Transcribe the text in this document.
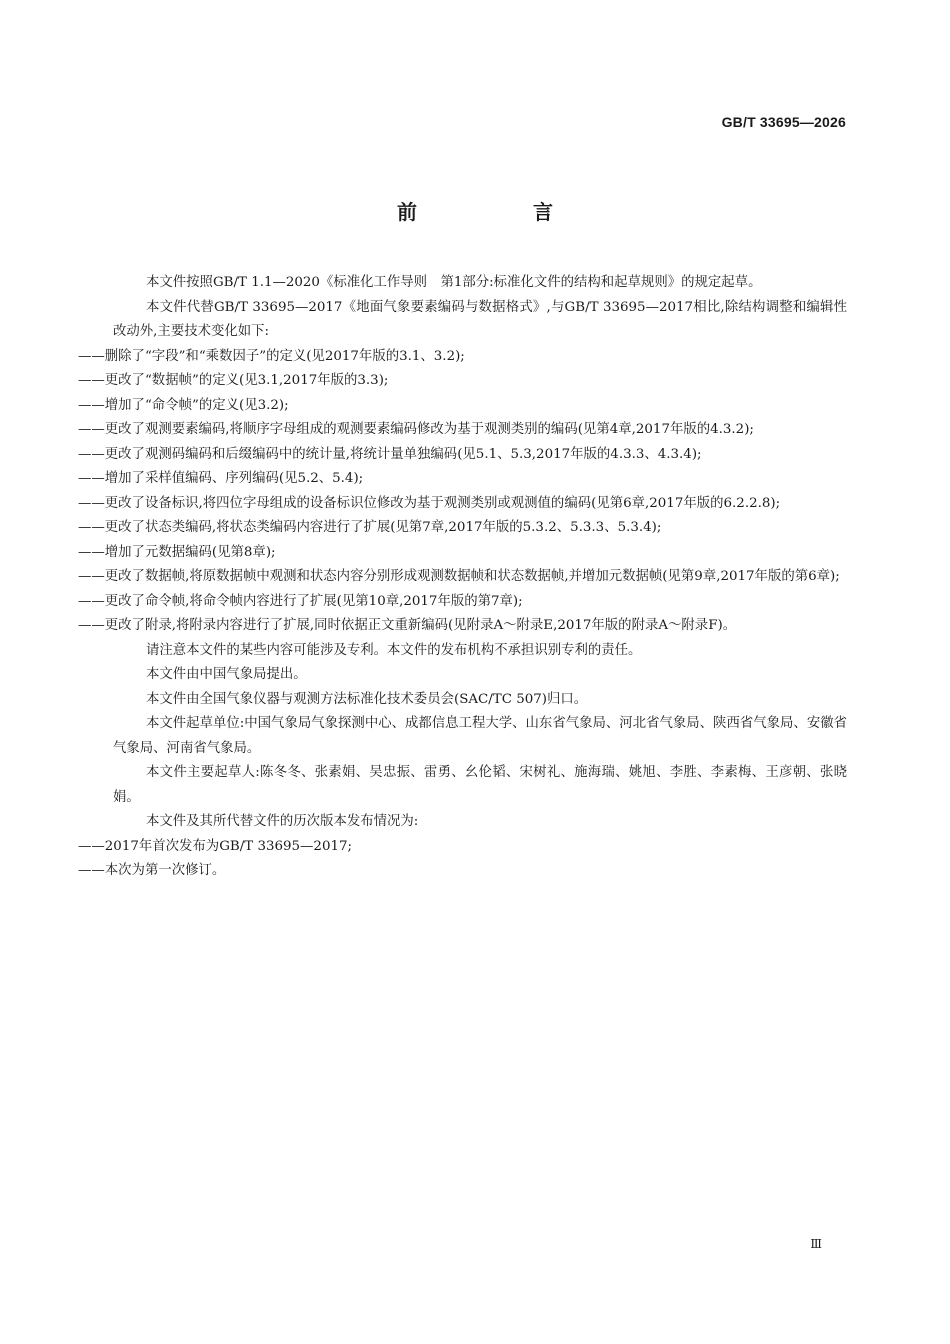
GB/T 33695—2026
前　言

本文件按照GB/T 1.1—2020《标准化工作导则　第1部分:标准化文件的结构和起草规则》的规定起草。

本文件代替GB/T 33695—2017《地面气象要素编码与数据格式》,与GB/T 33695—2017相比,除结构调整和编辑性改动外,主要技术变化如下:

——删除了“字段”和“乘数因子”的定义(见2017年版的3.1、3.2);

——更改了“数据帧”的定义(见3.1,2017年版的3.3);

——增加了“命令帧”的定义(见3.2);

——更改了观测要素编码,将顺序字母组成的观测要素编码修改为基于观测类别的编码(见第4章,2017年版的4.3.2);

——更改了观测码编码和后缀编码中的统计量,将统计量单独编码(见5.1、5.3,2017年版的4.3.3、4.3.4);

——增加了采样值编码、序列编码(见5.2、5.4);

——更改了设备标识,将四位字母组成的设备标识位修改为基于观测类别或观测值的编码(见第6章,2017年版的6.2.2.8);

——更改了状态类编码,将状态类编码内容进行了扩展(见第7章,2017年版的5.3.2、5.3.3、5.3.4);

——增加了元数据编码(见第8章);

——更改了数据帧,将原数据帧中观测和状态内容分别形成观测数据帧和状态数据帧,并增加元数据帧(见第9章,2017年版的第6章);

——更改了命令帧,将命令帧内容进行了扩展(见第10章,2017年版的第7章);

——更改了附录,将附录内容进行了扩展,同时依据正文重新编码(见附录A～附录E,2017年版的附录A～附录F)。

请注意本文件的某些内容可能涉及专利。本文件的发布机构不承担识别专利的责任。

本文件由中国气象局提出。

本文件由全国气象仪器与观测方法标准化技术委员会(SAC/TC 507)归口。

本文件起草单位:中国气象局气象探测中心、成都信息工程大学、山东省气象局、河北省气象局、陕西省气象局、安徽省气象局、河南省气象局。

本文件主要起草人:陈冬冬、张素娟、吴忠振、雷勇、幺伦韬、宋树礼、施海瑞、姚旭、李胜、李素梅、王彦朝、张晓娟。

本文件及其所代替文件的历次版本发布情况为:

——2017年首次发布为GB/T 33695—2017;

——本次为第一次修订。

Ⅲ
